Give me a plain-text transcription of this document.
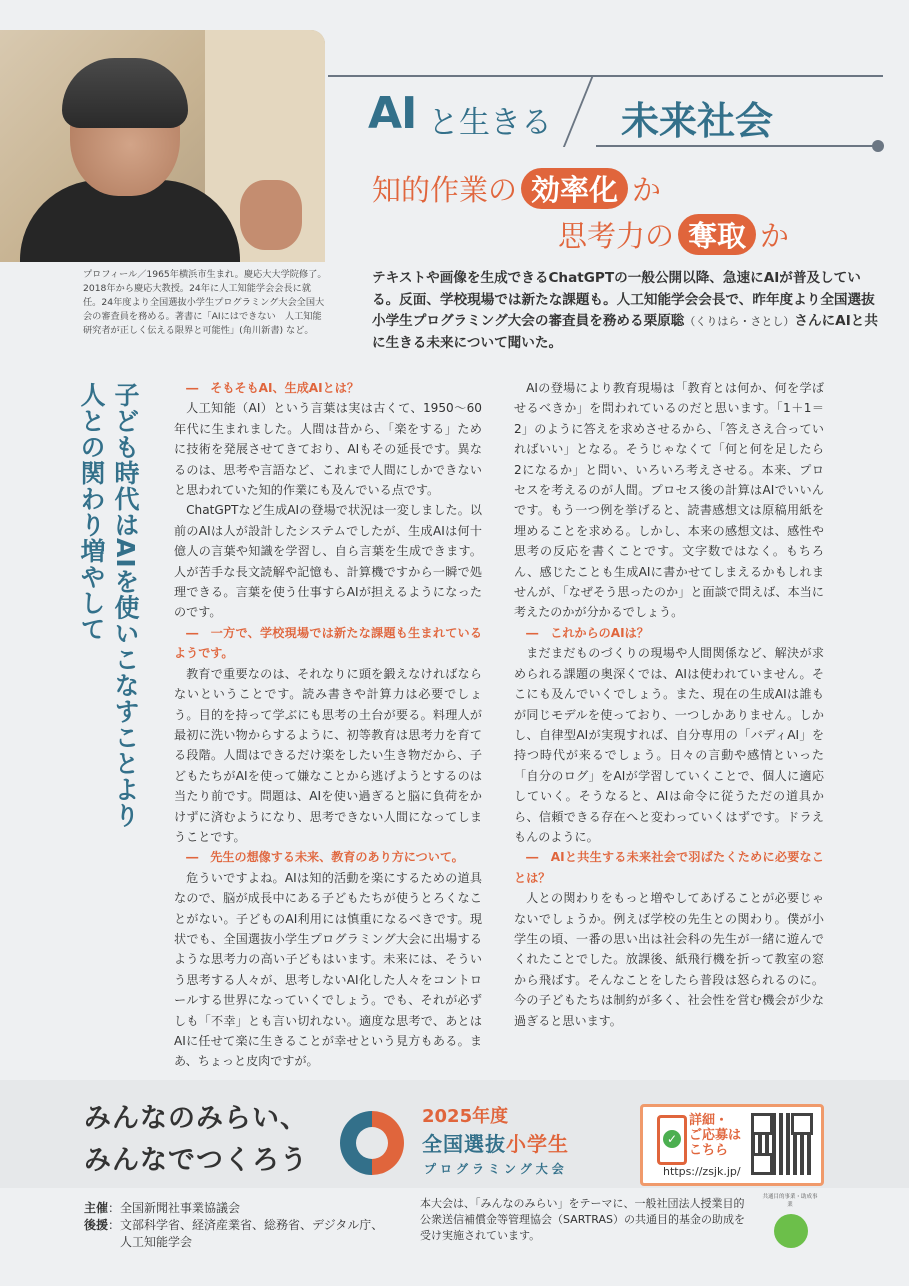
プロフィール／1965年横浜市生まれ。慶応大大学院修了。2018年から慶応大教授。24年に人工知能学会会長に就任。24年度より全国選抜小学生プログラミング大会全国大会の審査員を務める。著書に「AIにはできない　人工知能研究者が正しく伝える限界と可能性」(角川新書) など。
AI と生きる 未来社会
知的作業の 効率化 か
思考力の 奪取 か
テキストや画像を生成できるChatGPTの一般公開以降、急速にAIが普及している。反面、学校現場では新たな課題も。人工知能学会会長で、昨年度より全国選抜小学生プログラミング大会の審査員を務める栗原聡（くりはら・さとし）さんにAIと共に生きる未来について聞いた。
人との関わり増やして 子ども時代はAIを使いこなすことより	―　そもそもAI、生成AIとは？

人工知能（AI）という言葉は実は古くて、1950〜60年代に生まれました。人間は昔から、「楽をする」ために技術を発展させてきており、AIもその延長です。異なるのは、思考や言語など、これまで人間にしかできないと思われていた知的作業にも及んでいる点です。

ChatGPTなど生成AIの登場で状況は一変しました。以前のAIは人が設計したシステムでしたが、生成AIは何十億人の言葉や知識を学習し、自ら言葉を生成できます。人が苦手な長文読解や記憶も、計算機ですから一瞬で処理できる。言葉を使う仕事すらAIが担えるようになったのです。

―　一方で、学校現場では新たな課題も生まれているようです。

教育で重要なのは、それなりに頭を鍛えなければならないということです。読み書きや計算力は必要でしょう。目的を持って学ぶにも思考の土台が要る。料理人が最初に洗い物からするように、初等教育は思考力を育てる段階。人間はできるだけ楽をしたい生き物だから、子どもたちがAIを使って嫌なことから逃げようとするのは当たり前です。問題は、AIを使い過ぎると脳に負荷をかけずに済むようになり、思考できない人間になってしまうことです。

―　先生の想像する未来、教育のあり方について。

危ういですよね。AIは知的活動を楽にするための道具なので、脳が成長中にある子どもたちが使うとろくなことがない。子どものAI利用には慎重になるべきです。現状でも、全国選抜小学生プログラミング大会に出場するような思考力の高い子どもはいます。未来には、そういう思考する人々が、思考しないAI化した人々をコントロールする世界になっていくでしょう。でも、それが必ずしも「不幸」とも言い切れない。適度な思考で、あとはAIに任せて楽に生きることが幸せという見方もある。まあ、ちょっと皮肉ですが。

AIの登場により教育現場は「教育とは何か、何を学ばせるべきか」を問われているのだと思います。「1＋1＝2」のように答えを求めさせるから、「答えさえ合っていればいい」となる。そうじゃなくて「何と何を足したら2になるか」と問い、いろいろ考えさせる。本来、プロセスを考えるのが人間。プロセス後の計算はAIでいいんです。もう一つ例を挙げると、読書感想文は原稿用紙を埋めることを求める。しかし、本来の感想文は、感性や思考の反応を書くことです。文字数ではなく。もちろん、感じたことも生成AIに書かせてしまえるかもしれませんが、「なぜそう思ったのか」と面談で問えば、本当に考えたのかが分かるでしょう。

―　これからのAIは？

まだまだものづくりの現場や人間関係など、解決が求められる課題の奥深くでは、AIは使われていません。そこにも及んでいくでしょう。また、現在の生成AIは誰もが同じモデルを使っており、一つしかありません。しかし、自律型AIが実現すれば、自分専用の「バディAI」を持つ時代が来るでしょう。日々の言動や感情といった「自分のログ」をAIが学習していくことで、個人に適応していく。そうなると、AIは命令に従うただの道具から、信頼できる存在へと変わっていくはずです。ドラえもんのように。

―　AIと共生する未来社会で羽ばたくために必要なことは？

人との関わりをもっと増やしてあげることが必要じゃないでしょうか。例えば学校の先生との関わり。僕が小学生の頃、一番の思い出は社会科の先生が一緒に遊んでくれたことでした。放課後、紙飛行機を折って教室の窓から飛ばす。そんなことをしたら普段は怒られるのに。今の子どもたちは制約が多く、社会性を営む機会が少な過ぎると思います。

みんなのみらい、
みんなでつくろう
2025年度
全国選抜小学生
プログラミング大会
✓
詳細・
ご応募は
こちら
https://zsjk.jp/
主催：全国新聞社事業協議会
後援：文部科学省、経済産業省、総務省、デジタル庁、
人工知能学会
本大会は、「みんなのみらい」をテーマに、一般社団法人授業目的公衆送信補償金等管理協会（SARTRAS）の共通目的基金の助成を受け実施されています。
共通目的事業・助成事業
